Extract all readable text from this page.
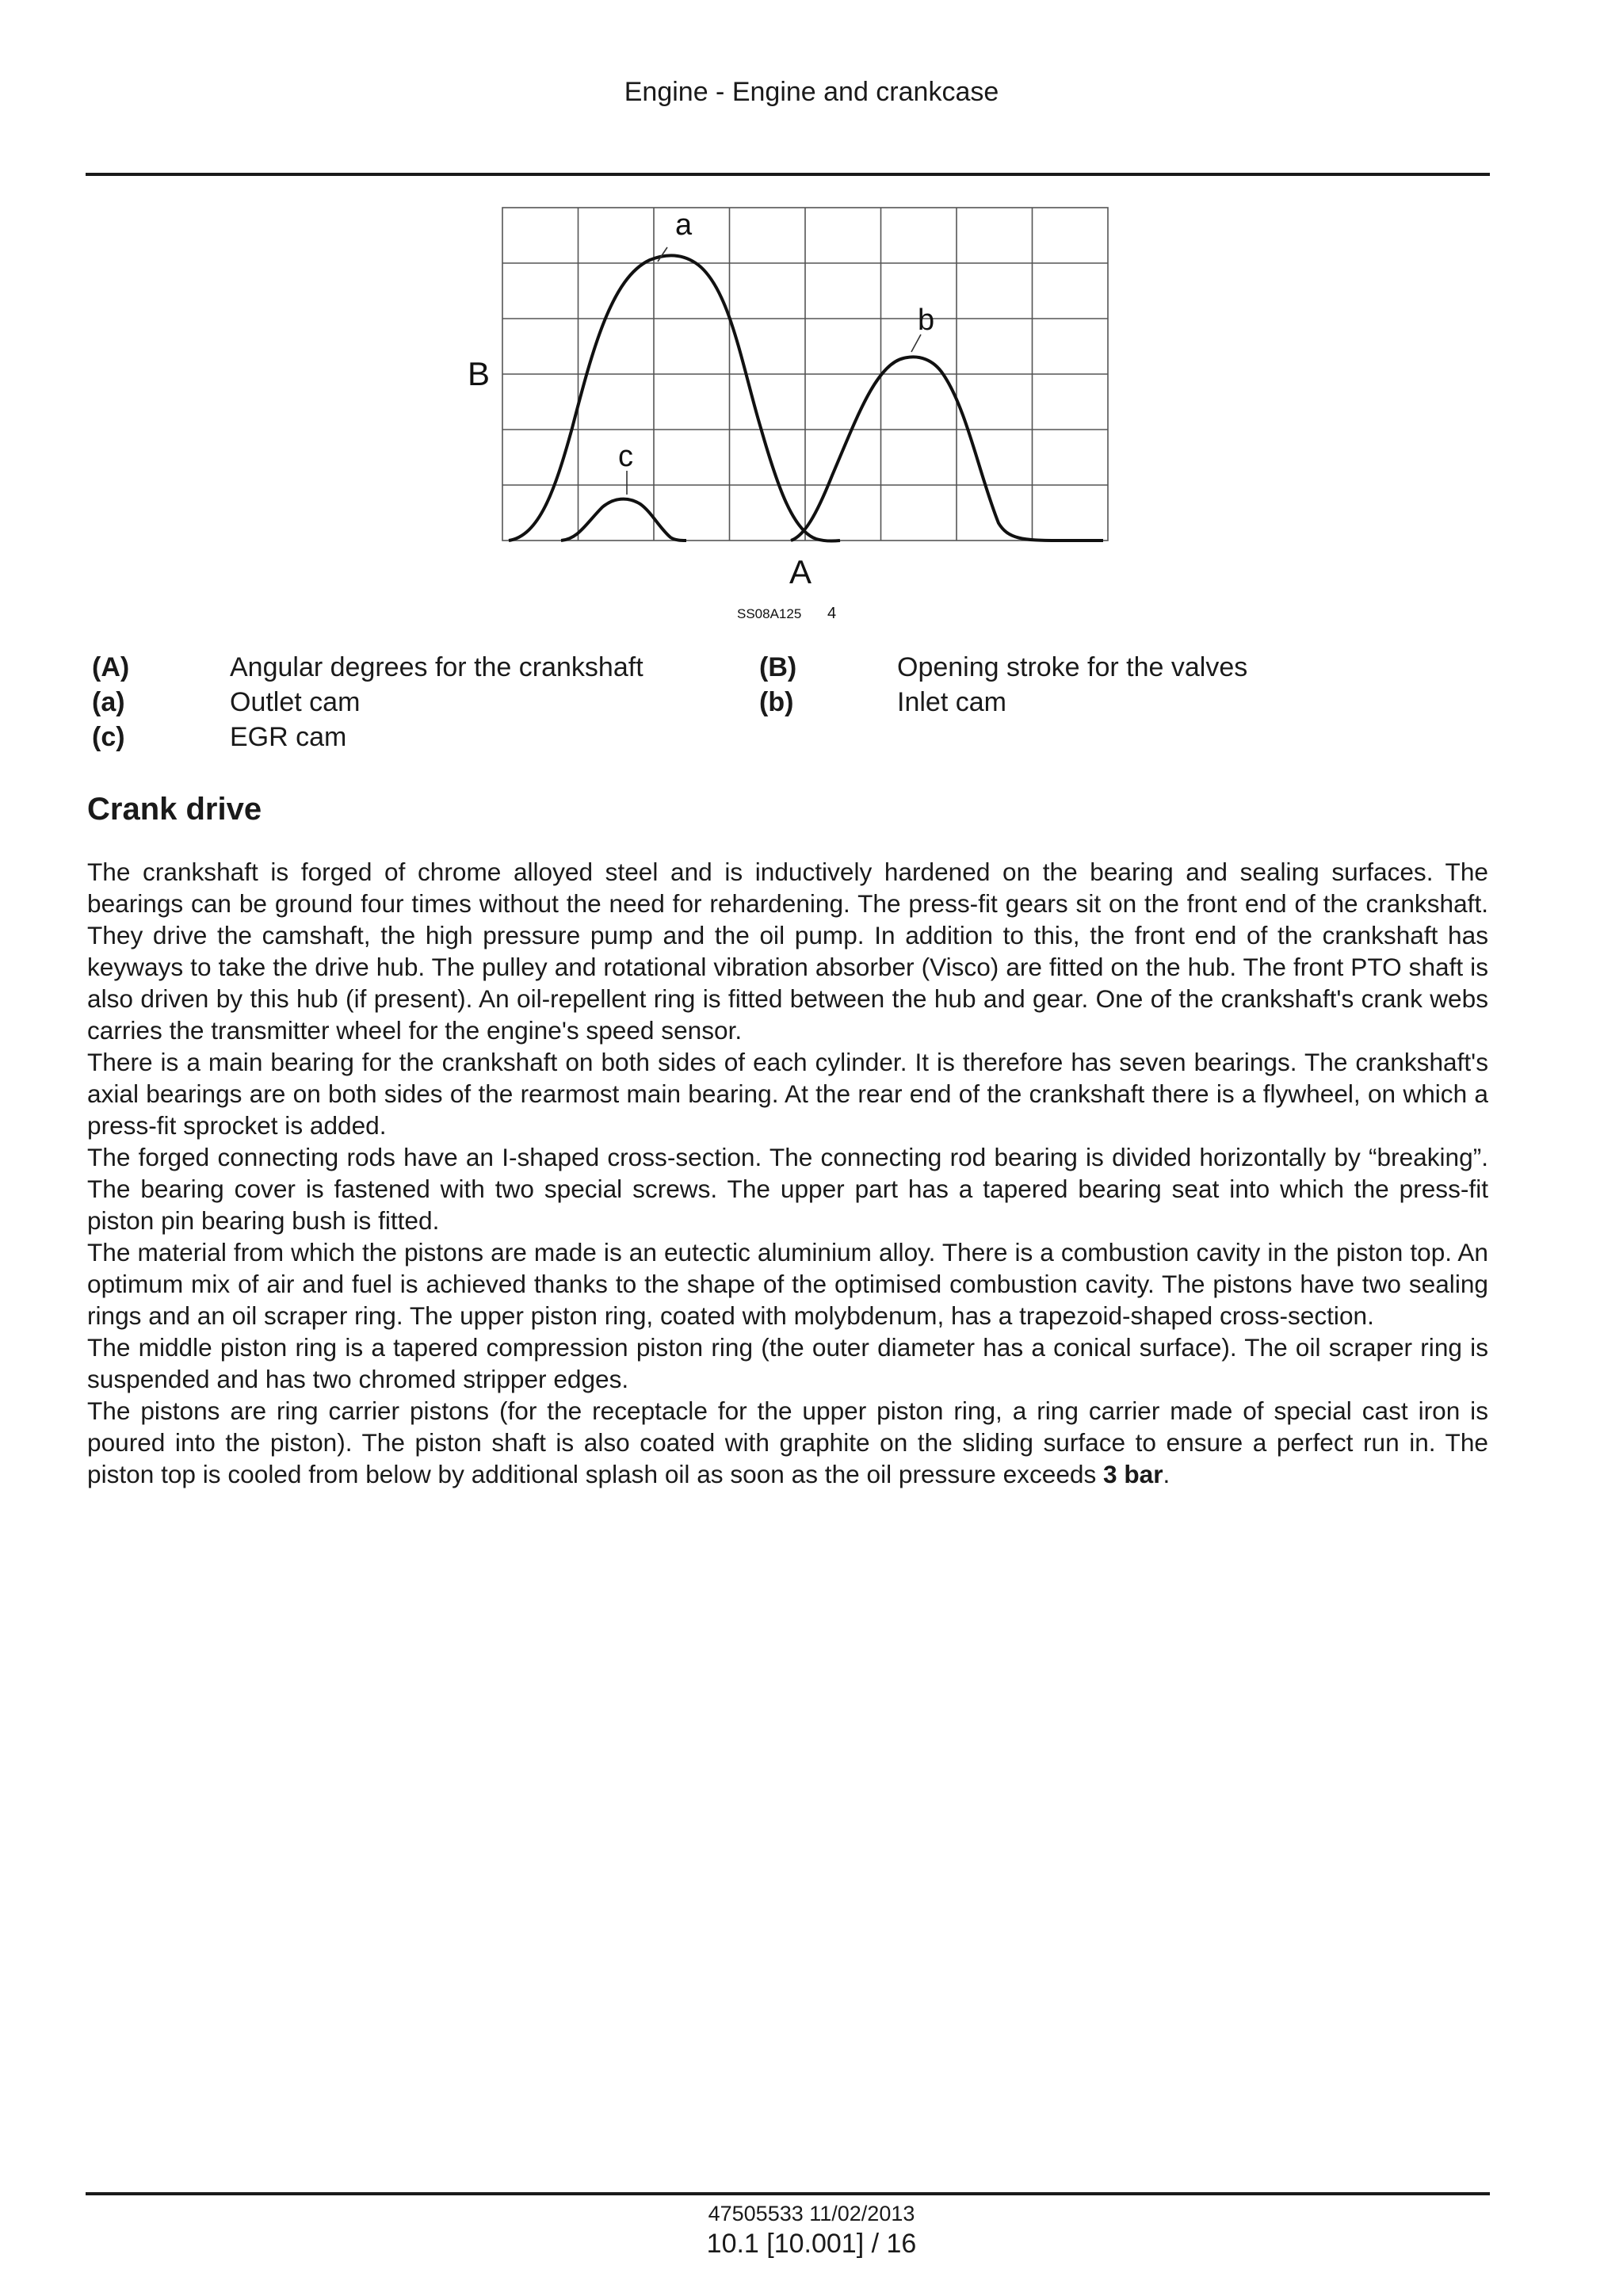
Engine - Engine and crankcase
a
b
c
B
A
SS08A125 4
(A)	Angular degrees for the crankshaft	(B)	Opening stroke for the valves
(a)	Outlet cam	(b)	Inlet cam
(c)	EGR cam
Crank drive

The crankshaft is forged of chrome alloyed steel and is inductively hardened on the bearing and sealing surfaces. The bearings can be ground four times without the need for rehardening. The press-fit gears sit on the front end of the crankshaft. They drive the camshaft, the high pressure pump and the oil pump. In addition to this, the front end of the crankshaft has keyways to take the drive hub. The pulley and rotational vibration absorber (Visco) are fitted on the hub. The front PTO shaft is also driven by this hub (if present). An oil-repellent ring is fitted between the hub and gear. One of the crankshaft's crank webs carries the transmitter wheel for the engine's speed sensor.

There is a main bearing for the crankshaft on both sides of each cylinder. It is therefore has seven bearings. The crankshaft's axial bearings are on both sides of the rearmost main bearing. At the rear end of the crankshaft there is a flywheel, on which a press-fit sprocket is added.

The forged connecting rods have an I-shaped cross-section. The connecting rod bearing is divided horizontally by “breaking”. The bearing cover is fastened with two special screws. The upper part has a tapered bearing seat into which the press-fit piston pin bearing bush is fitted.

The material from which the pistons are made is an eutectic aluminium alloy. There is a combustion cavity in the piston top. An optimum mix of air and fuel is achieved thanks to the shape of the optimised combustion cavity. The pistons have two sealing rings and an oil scraper ring. The upper piston ring, coated with molybdenum, has a trapezoid-shaped cross-section.

The middle piston ring is a tapered compression piston ring (the outer diameter has a conical surface). The oil scraper ring is suspended and has two chromed stripper edges.

The pistons are ring carrier pistons (for the receptacle for the upper piston ring, a ring carrier made of special cast iron is poured into the piston). The piston shaft is also coated with graphite on the sliding surface to ensure a perfect run in. The piston top is cooled from below by additional splash oil as soon as the oil pressure exceeds 3 bar.

47505533 11/02/2013
10.1 [10.001] / 16
